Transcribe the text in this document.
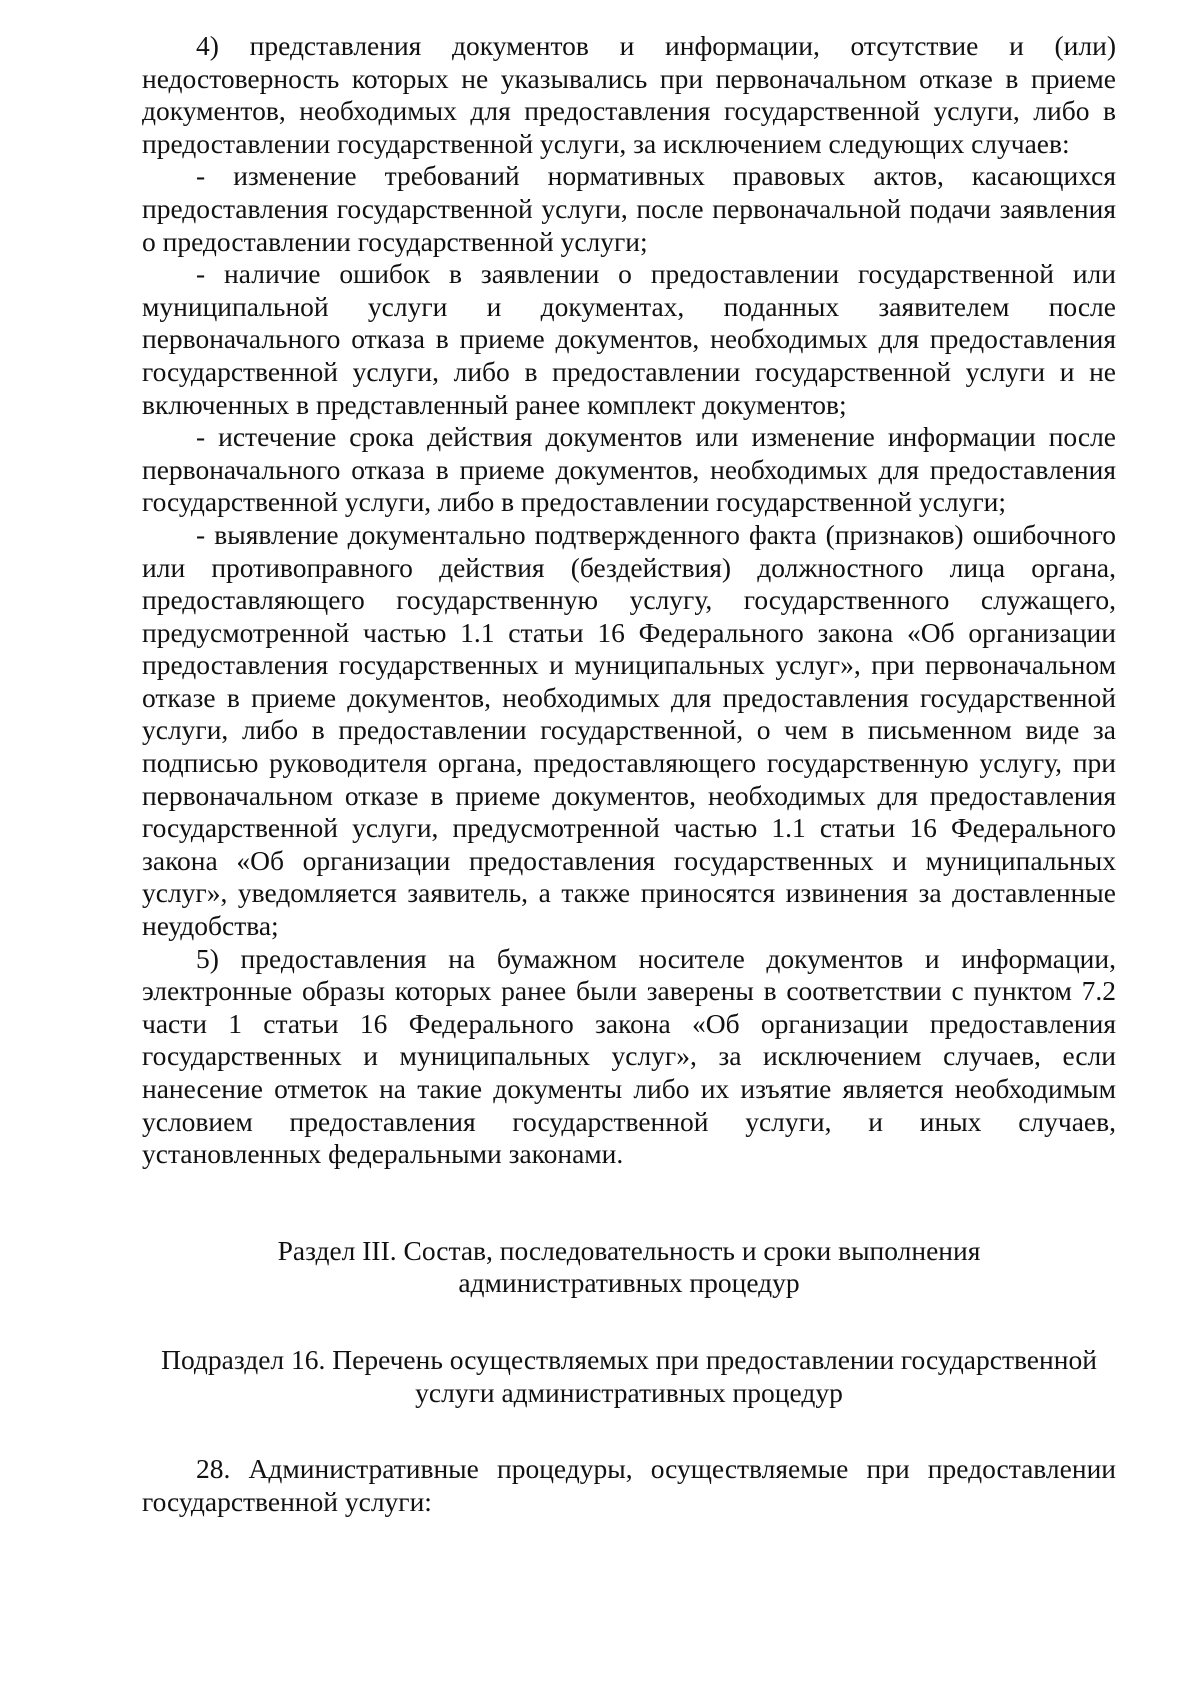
4) представления документов и информации, отсутствие и (или) недостоверность которых не указывались при первоначальном отказе в приеме документов, необходимых для предоставления государственной услуги, либо в предоставлении государственной услуги, за исключением следующих случаев:

- изменение требований нормативных правовых актов, касающихся предоставления государственной услуги, после первоначальной подачи заявления о предоставлении государственной услуги;

- наличие ошибок в заявлении о предоставлении государственной или муниципальной услуги и документах, поданных заявителем после первоначального отказа в приеме документов, необходимых для предоставления государственной услуги, либо в предоставлении государственной услуги и не включенных в представленный ранее комплект документов;

- истечение срока действия документов или изменение информации после первоначального отказа в приеме документов, необходимых для предоставления государственной услуги, либо в предоставлении государственной услуги;

- выявление документально подтвержденного факта (признаков) ошибочного или противоправного действия (бездействия) должностного лица органа, предоставляющего государственную услугу, государственного служащего, предусмотренной частью 1.1 статьи 16 Федерального закона «Об организации предоставления государственных и муниципальных услуг», при первоначальном отказе в приеме документов, необходимых для предоставления государственной услуги, либо в предоставлении государственной, о чем в письменном виде за подписью руководителя органа, предоставляющего государственную услугу, при первоначальном отказе в приеме документов, необходимых для предоставления государственной услуги, предусмотренной частью 1.1 статьи 16 Федерального закона «Об организации предоставления государственных и муниципальных услуг», уведомляется заявитель, а также приносятся извинения за доставленные неудобства;

5) предоставления на бумажном носителе документов и информации, электронные образы которых ранее были заверены в соответствии с пунктом 7.2 части 1 статьи 16 Федерального закона «Об организации предоставления государственных и муниципальных услуг», за исключением случаев, если нанесение отметок на такие документы либо их изъятие является необходимым условием предоставления государственной услуги, и иных случаев, установленных федеральными законами.

Раздел III. Состав, последовательность и сроки выполнения
административных процедур
Подраздел 16. Перечень осуществляемых при предоставлении государственной
услуги административных процедур

28. Административные процедуры, осуществляемые при предоставлении государственной услуги:
